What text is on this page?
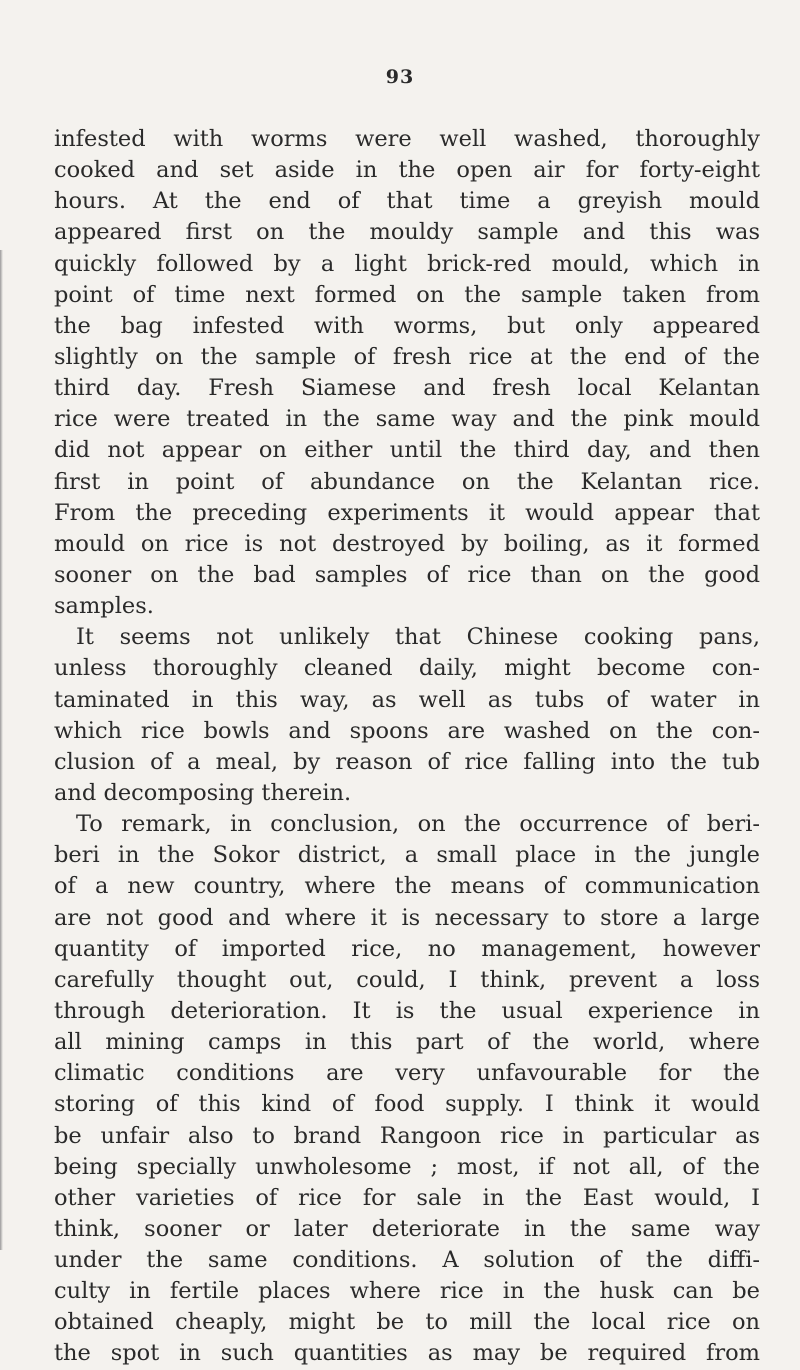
93
infested with worms were well washed, thoroughly
cooked and set aside in the open air for forty-eight
hours. At the end of that time a greyish mould
appeared first on the mouldy sample and this was
quickly followed by a light brick-red mould, which in
point of time next formed on the sample taken from
the bag infested with worms, but only appeared
slightly on the sample of fresh rice at the end of the
third day. Fresh Siamese and fresh local Kelantan
rice were treated in the same way and the pink mould
did not appear on either until the third day, and then
first in point of abundance on the Kelantan rice.
From the preceding experiments it would appear that
mould on rice is not destroyed by boiling, as it formed
sooner on the bad samples of rice than on the good
samples.
It seems not unlikely that Chinese cooking pans,
unless thoroughly cleaned daily, might become con-
taminated in this way, as well as tubs of water in
which rice bowls and spoons are washed on the con-
clusion of a meal, by reason of rice falling into the tub
and decomposing therein.
To remark, in conclusion, on the occurrence of beri-
beri in the Sokor district, a small place in the jungle
of a new country, where the means of communication
are not good and where it is necessary to store a large
quantity of imported rice, no management, however
carefully thought out, could, I think, prevent a loss
through deterioration. It is the usual experience in
all mining camps in this part of the world, where
climatic conditions are very unfavourable for the
storing of this kind of food supply. I think it would
be unfair also to brand Rangoon rice in particular as
being specially unwholesome ; most, if not all, of the
other varieties of rice for sale in the East would, I
think, sooner or later deteriorate in the same way
under the same conditions. A solution of the diffi-
culty in fertile places where rice in the husk can be
obtained cheaply, might be to mill the local rice on
the spot in such quantities as may be required from
